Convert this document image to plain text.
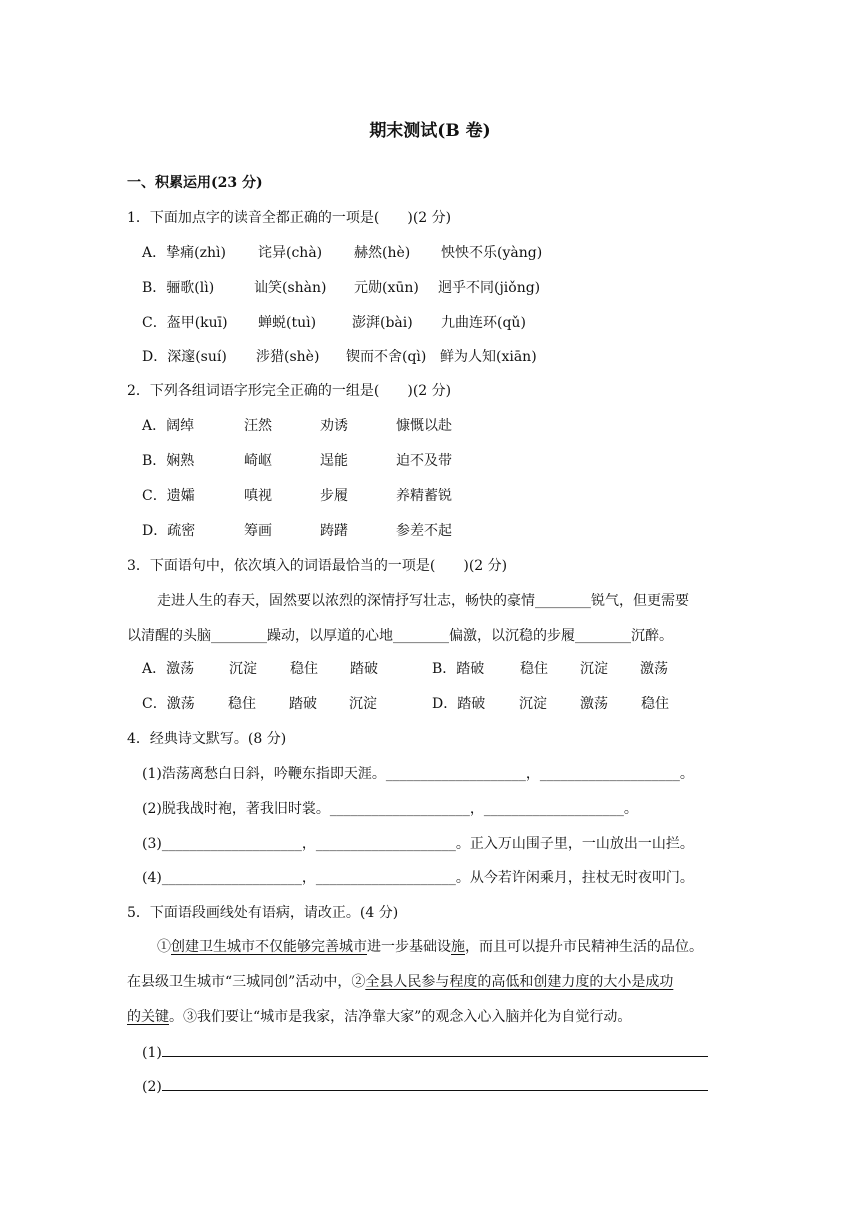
期末测试(B 卷)
一、积累运用(23 分)
1．下面加点字的读音全都正确的一项是(　　)(2 分)
A．挚痛(zhì) 诧异(chà) 赫然(hè) 怏怏不乐(yàng)
B．骊歌(lì)	讪笑(shàn) 元勋(xūn) 迥乎不同(jiǒng)
C．盔甲(kuī) 蝉蜕(tuì)	澎湃(bài) 九曲连环(qǔ)
D．深邃(suí) 涉猎(shè) 锲而不舍(qì) 鲜为人知(xiān)
2．下列各组词语字形完全正确的一组是(　　)(2 分)
A．阔绰	汪然	劝诱	慷慨以赴
B．娴熟	崎岖	逞能	迫不及带
C．遗孀	嗔视	步履	养精蓄锐
D．疏密	筹画	踌躇	参差不起
3．下面语句中，依次填入的词语最恰当的一项是(　　)(2 分)
走进人生的春天，固然要以浓烈的深情抒写壮志，畅快的豪情________锐气，但更需要
以清醒的头脑________躁动，以厚道的心地________偏激，以沉稳的步履________沉醉。
A．激荡 沉淀 稳住 踏破	B．踏破	稳住 沉淀 激荡
C．激荡 稳住 踏破 沉淀	D．踏破 沉淀 激荡 稳住
4．经典诗文默写。(8 分)
(1)浩荡离愁白日斜，吟鞭东指即天涯。____________________，____________________。
(2)脱我战时袍，著我旧时裳。____________________，____________________。
(3)____________________，____________________。正入万山围子里，一山放出一山拦。
(4)____________________，____________________。从今若许闲乘月，拄杖无时夜叩门。
5．下面语段画线处有语病，请改正。(4 分)
①创建卫生城市不仅能够完善城市进一步基础设施，而且可以提升市民精神生活的品位。
在县级卫生城市“三城同创”活动中，②全县人民参与程度的高低和创建力度的大小是成功
的关键。③我们要让“城市是我家，洁净靠大家”的观念入心入脑并化为自觉行动。
(1)
(2)
